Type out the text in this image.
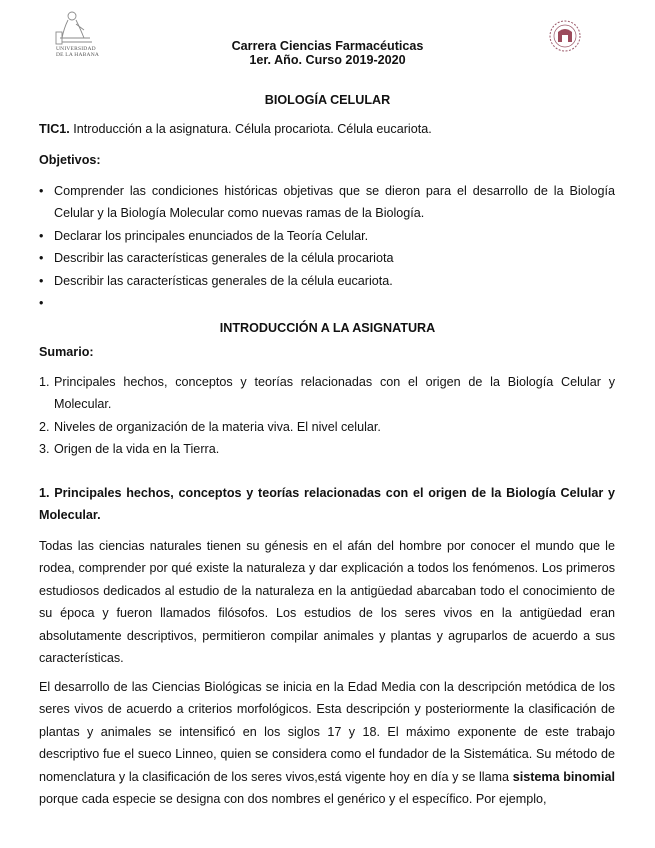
UNIVERSIDAD
DE LA HABANA
Carrera Ciencias Farmacéuticas
1er. Año. Curso 2019-2020
BIOLOGÍA CELULAR
TIC1. Introducción a la asignatura. Célula procariota. Célula eucariota.
Objetivos:
• Comprender las condiciones históricas objetivas que se dieron para el desarrollo de la Biología Celular y la Biología Molecular como nuevas ramas de la Biología.
• Declarar los principales enunciados de la Teoría Celular.
• Describir las características generales de la célula procariota
• Describir las características generales de la célula eucariota.
•
INTRODUCCIÓN A LA ASIGNATURA
Sumario:
1. Principales hechos, conceptos y teorías relacionadas con el origen de la Biología Celular y Molecular.
2. Niveles de organización de la materia viva. El nivel celular.
3. Origen de la vida en la Tierra.
1. Principales hechos, conceptos y teorías relacionadas con el origen de la Biología Celular y Molecular.
Todas las ciencias naturales tienen su génesis en el afán del hombre por conocer el mundo que le rodea, comprender por qué existe la naturaleza y dar explicación a todos los fenómenos. Los primeros estudiosos dedicados al estudio de la naturaleza en la antigüedad abarcaban todo el conocimiento de su época y fueron llamados filósofos. Los estudios de los seres vivos en la antigüedad eran absolutamente descriptivos, permitieron compilar animales y plantas y agruparlos de acuerdo a sus características.
El desarrollo de las Ciencias Biológicas se inicia en la Edad Media con la descripción metódica de los seres vivos de acuerdo a criterios morfológicos. Esta descripción y posteriormente la clasificación de plantas y animales se intensificó en los siglos 17 y 18. El máximo exponente de este trabajo descriptivo fue el sueco Linneo, quien se considera como el fundador de la Sistemática. Su método de nomenclatura y la clasificación de los seres vivos,está vigente hoy en día y se llama sistema binomial porque cada especie se designa con dos nombres el genérico y el específico. Por ejemplo,
